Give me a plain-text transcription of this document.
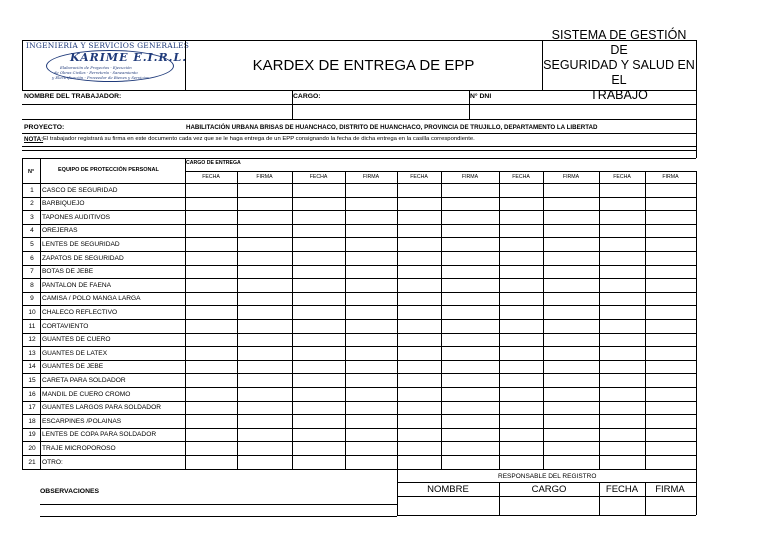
INGENIERIA Y SERVICIOS GENERALES
KARIME E.I.R.L.
Elaboración de Proyectos - Ejecución
de Obras Civiles - Ferretería - Saneamiento
y Electrificación - Proveedor de Bienes y Servicios
KARDEX DE ENTREGA DE EPP
SISTEMA DE GESTIÓN DE
SEGURIDAD Y SALUD EN EL
TRABAJO
NOMBRE DEL TRABAJADOR:	CARGO:	N° DNI
PROYECTO:	HABILITACIÓN URBANA BRISAS DE HUANCHACO, DISTRITO DE HUANCHACO, PROVINCIA DE TRUJILLO, DEPARTAMENTO LA LIBERTAD
NOTA: El trabajador registrará su firma en este documento cada vez que se le haga entrega de un EPP consignando la fecha de dicha entrega en la casilla correspondiente.
N°	EQUIPO DE PROTECCIÓN PERSONAL
CARGO DE ENTREGA
FECHA	FIRMA	FECHA	FIRMA	FECHA	FIRMA	FECHA	FIRMA	FECHA	FIRMA
1	CASCO DE SEGURIDAD
2	BARBIQUEJO
3	TAPONES AUDITIVOS
4	OREJERAS
5	LENTES DE SEGURIDAD
6	ZAPATOS DE SEGURIDAD
7	BOTAS DE JEBE
8	PANTALON DE FAENA
9	CAMISA / POLO MANGA LARGA
10 CHALECO REFLECTIVO
11 CORTAVIENTO
12 GUANTES DE CUERO
13 GUANTES DE LATEX
14 GUANTES DE JEBE
15 CARETA PARA SOLDADOR
16 MANDIL DE CUERO CROMO
17 GUANTES LARGOS PARA SOLDADOR
18 ESCARPINES /POLAINAS
19 LENTES DE COPA PARA SOLDADOR
20 TRAJE MICROPOROSO
21 OTRO:
OBSERVACIONES
RESPONSABLE DEL REGISTRO
NOMBRE	CARGO	FECHA	FIRMA
